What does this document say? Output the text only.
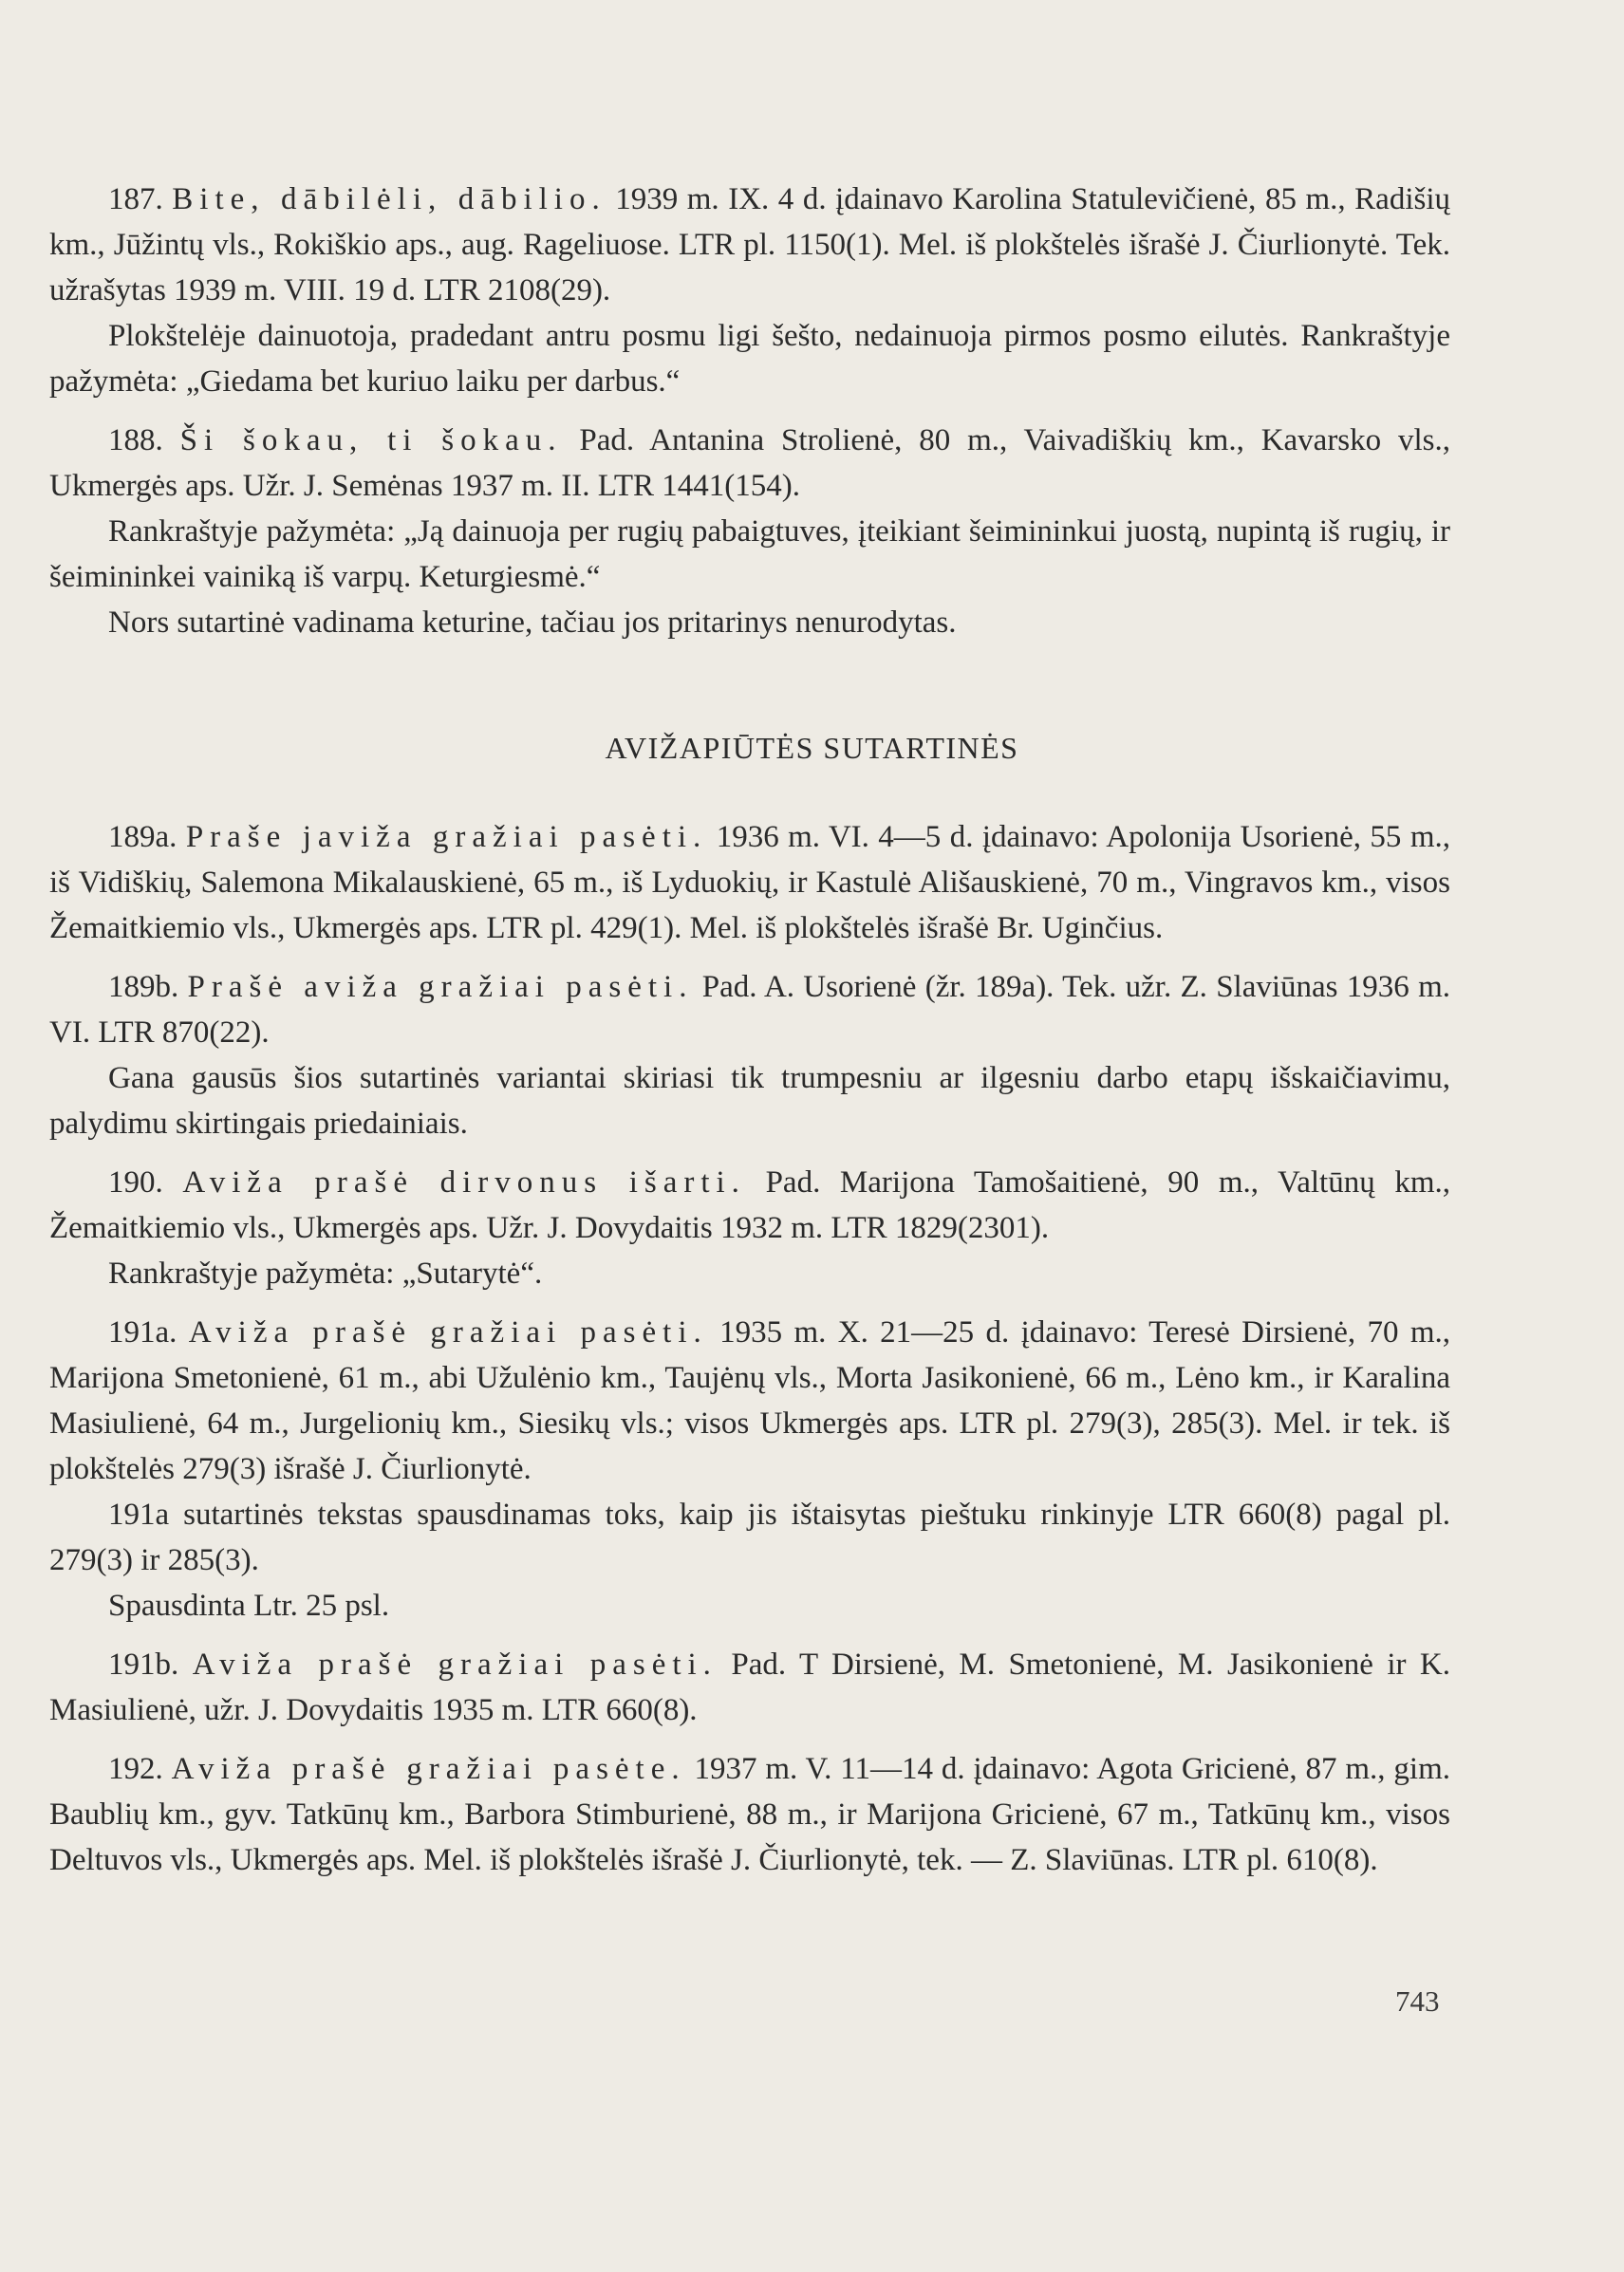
187. Bite, dābilėli, dābilio. 1939 m. IX. 4 d. įdainavo Karolina Statulevičienė, 85 m., Radišių km., Jūžintų vls., Rokiškio aps., aug. Rageliuose. LTR pl. 1150(1). Mel. iš plokštelės išrašė J. Čiurlionytė. Tek. užrašytas 1939 m. VIII. 19 d. LTR 2108(29).

Plokštelėje dainuotoja, pradedant antru posmu ligi šešto, nedainuoja pirmos posmo eilutės. Rankraštyje pažymėta: „Giedama bet kuriuo laiku per darbus.“

188. Ši šokau, ti šokau. Pad. Antanina Strolienė, 80 m., Vaivadiškių km., Kavarsko vls., Ukmergės aps. Užr. J. Semėnas 1937 m. II. LTR 1441(154).

Rankraštyje pažymėta: „Ją dainuoja per rugių pabaigtuves, įteikiant šeimininkui juostą, nupintą iš rugių, ir šeimininkei vainiką iš varpų. Keturgiesmė.“

Nors sutartinė vadinama keturine, tačiau jos pritarinys nenurodytas.

AVIŽAPIŪTĖS SUTARTINĖS

189a. Praše javiža gražiai pasėti. 1936 m. VI. 4—5 d. įdainavo: Apolonija Usorienė, 55 m., iš Vidiškių, Salemona Mikalauskienė, 65 m., iš Lyduokių, ir Kastulė Ališauskienė, 70 m., Vingravos km., visos Žemaitkiemio vls., Ukmergės aps. LTR pl. 429(1). Mel. iš plokštelės išrašė Br. Uginčius.

189b. Prašė aviža gražiai pasėti. Pad. A. Usorienė (žr. 189a). Tek. užr. Z. Slaviūnas 1936 m. VI. LTR 870(22).

Gana gausūs šios sutartinės variantai skiriasi tik trumpesniu ar ilgesniu darbo etapų išskaičiavimu, palydimu skirtingais priedainiais.

190. Aviža prašė dirvonus išarti. Pad. Marijona Tamošaitienė, 90 m., Valtūnų km., Žemaitkiemio vls., Ukmergės aps. Užr. J. Dovydaitis 1932 m. LTR 1829(2301).

Rankraštyje pažymėta: „Sutarytė“.

191a. Aviža prašė gražiai pasėti. 1935 m. X. 21—25 d. įdainavo: Teresė Dirsienė, 70 m., Marijona Smetonienė, 61 m., abi Užulėnio km., Taujėnų vls., Morta Jasikonienė, 66 m., Lėno km., ir Karalina Masiulienė, 64 m., Jurgelionių km., Siesikų vls.; visos Ukmergės aps. LTR pl. 279(3), 285(3). Mel. ir tek. iš plokštelės 279(3) išrašė J. Čiurlionytė.

191a sutartinės tekstas spausdinamas toks, kaip jis ištaisytas pieštuku rinkinyje LTR 660(8) pagal pl. 279(3) ir 285(3).

Spausdinta Ltr. 25 psl.

191b. Aviža prašė gražiai pasėti. Pad. T Dirsienė, M. Smetonienė, M. Jasikonienė ir K. Masiulienė, užr. J. Dovydaitis 1935 m. LTR 660(8).

192. Aviža prašė gražiai pasėte. 1937 m. V. 11—14 d. įdainavo: Agota Gricienė, 87 m., gim. Baublių km., gyv. Tatkūnų km., Barbora Stimburienė, 88 m., ir Marijona Gricienė, 67 m., Tatkūnų km., visos Deltuvos vls., Ukmergės aps. Mel. iš plokštelės išrašė J. Čiurlionytė, tek. — Z. Slaviūnas. LTR pl. 610(8).

743
